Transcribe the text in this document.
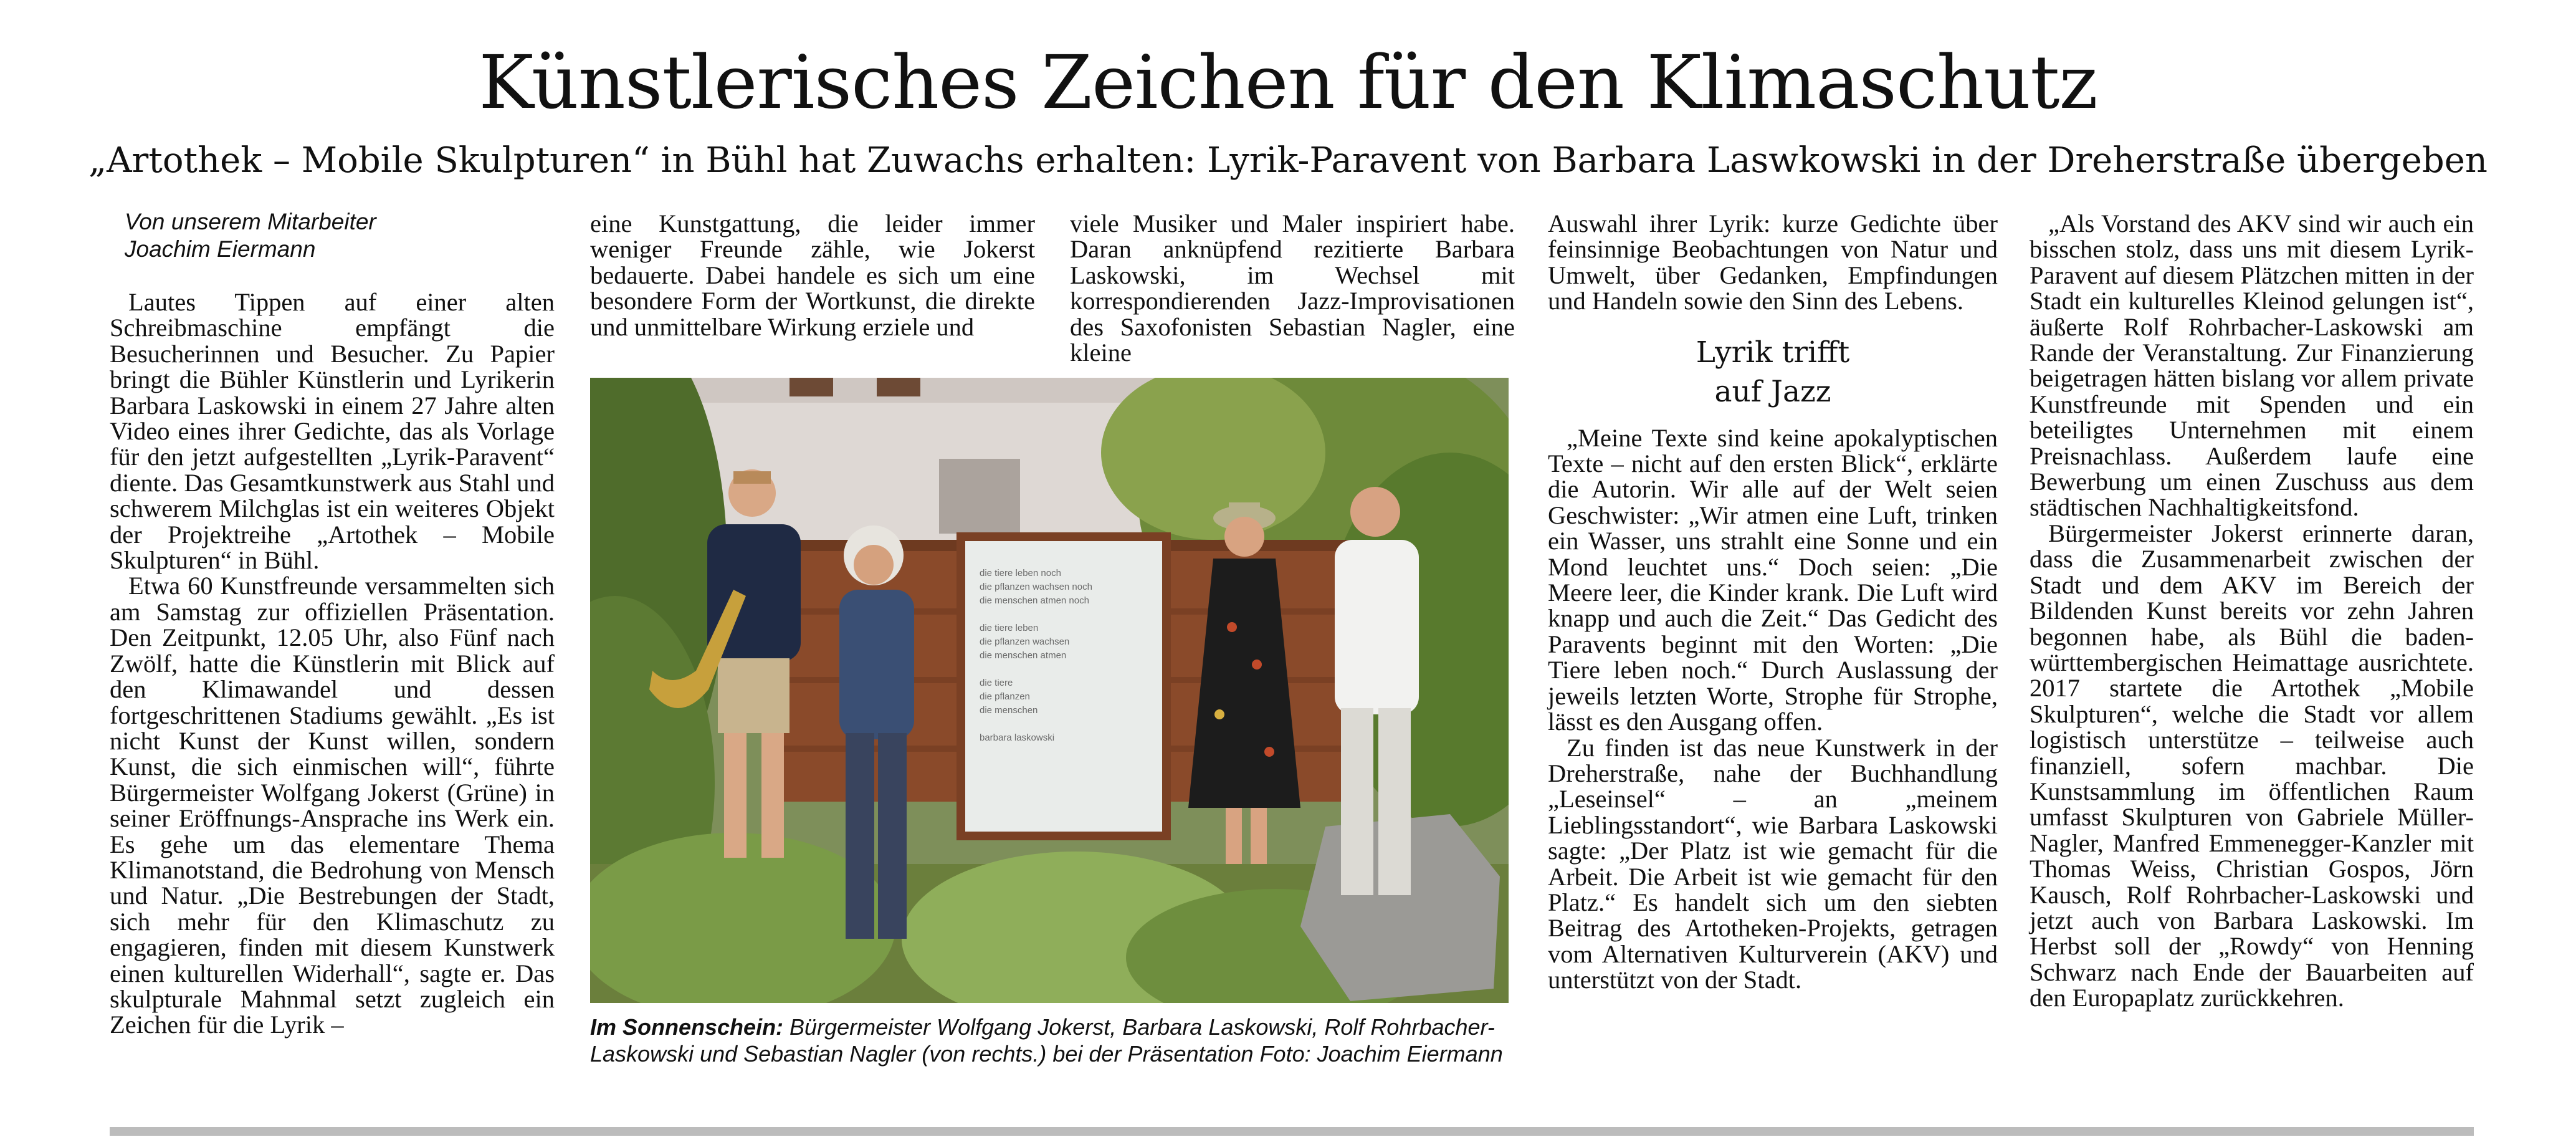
Künstlerisches Zeichen für den Klimaschutz
„Artothek – Mobile Skulpturen“ in Bühl hat Zuwachs erhalten: Lyrik-Paravent von Barbara Laswkowski in der Dreherstraße übergeben

Von unserem Mitarbeiter
Joachim Eiermann

Lautes Tippen auf einer alten Schreibmaschine empfängt die Besucherinnen und Besucher. Zu Papier bringt die Bühler Künstlerin und Lyrikerin Barbara Laskowski in einem 27 Jahre alten Video eines ihrer Gedichte, das als Vorlage für den jetzt aufgestellten „Lyrik-Paravent“ diente. Das Gesamtkunstwerk aus Stahl und schwerem Milchglas ist ein weiteres Objekt der Projektreihe „Artothek – Mobile Skulpturen“ in Bühl.

Etwa 60 Kunstfreunde versammelten sich am Samstag zur offiziellen Präsentation. Den Zeitpunkt, 12.05 Uhr, also Fünf nach Zwölf, hatte die Künstlerin mit Blick auf den Klimawandel und dessen fortgeschrittenen Stadiums gewählt. „Es ist nicht Kunst der Kunst willen, sondern Kunst, die sich einmischen will“, führte Bürgermeister Wolfgang Jokerst (Grüne) in seiner Eröffnungs-Ansprache ins Werk ein. Es gehe um das elementare Thema Klimanotstand, die Bedrohung von Mensch und Natur. „Die Bestrebungen der Stadt, sich mehr für den Klimaschutz zu engagieren, finden mit diesem Kunstwerk einen kulturellen Widerhall“, sagte er. Das skulpturale Mahnmal setzt zugleich ein Zeichen für die Lyrik –

eine Kunstgattung, die leider immer weniger Freunde zähle, wie Jokerst bedauerte. Dabei handele es sich um eine besondere Form der Wortkunst, die direkte und unmittelbare Wirkung erziele und

viele Musiker und Maler inspiriert habe. Daran anknüpfend rezitierte Barbara Laskowski, im Wechsel mit korrespondierenden Jazz-Improvisationen des Saxofonisten Sebastian Nagler, eine kleine

die tiere leben noch
die pflanzen wachsen noch
die menschen atmen noch
die tiere leben
die pflanzen wachsen
die menschen atmen
die tiere
die pflanzen
die menschen
barbara laskowski
Im Sonnenschein: Bürgermeister Wolfgang Jokerst, Barbara Laskowski, Rolf Rohrbacher-Laskowski und Sebastian Nagler (von rechts.) bei der Präsentation Foto: Joachim Eiermann

Auswahl ihrer Lyrik: kurze Gedichte über feinsinnige Beobachtungen von Natur und Umwelt, über Gedanken, Empfindungen und Handeln sowie den Sinn des Lebens.

Lyrik trifft
auf Jazz

„Meine Texte sind keine apokalyptischen Texte – nicht auf den ersten Blick“, erklärte die Autorin. Wir alle auf der Welt seien Geschwister: „Wir atmen eine Luft, trinken ein Wasser, uns strahlt eine Sonne und ein Mond leuchtet uns.“ Doch seien: „Die Meere leer, die Kinder krank. Die Luft wird knapp und auch die Zeit.“ Das Gedicht des Paravents beginnt mit den Worten: „Die Tiere leben noch.“ Durch Auslassung der jeweils letzten Worte, Strophe für Strophe, lässt es den Ausgang offen.

Zu finden ist das neue Kunstwerk in der Dreherstraße, nahe der Buchhandlung „Leseinsel“ – an „meinem Lieblingsstandort“, wie Barbara Laskowski sagte: „Der Platz ist wie gemacht für die Arbeit. Die Arbeit ist wie gemacht für den Platz.“ Es handelt sich um den siebten Beitrag des Artotheken-Projekts, getragen vom Alternativen Kulturverein (AKV) und unterstützt von der Stadt.

„Als Vorstand des AKV sind wir auch ein bisschen stolz, dass uns mit diesem Lyrik-Paravent auf diesem Plätzchen mitten in der Stadt ein kulturelles Kleinod gelungen ist“, äußerte Rolf Rohrbacher-Laskowski am Rande der Veranstaltung. Zur Finanzierung beigetragen hätten bislang vor allem private Kunstfreunde mit Spenden und ein beteiligtes Unternehmen mit einem Preisnachlass. Außerdem laufe eine Bewerbung um einen Zuschuss aus dem städtischen Nachhaltigkeitsfond.

Bürgermeister Jokerst erinnerte daran, dass die Zusammenarbeit zwischen der Stadt und dem AKV im Bereich der Bildenden Kunst bereits vor zehn Jahren begonnen habe, als Bühl die baden-württembergischen Heimattage ausrichtete. 2017 startete die Artothek „Mobile Skulpturen“, welche die Stadt vor allem logistisch unterstütze – teilweise auch finanziell, sofern machbar. Die Kunstsammlung im öffentlichen Raum umfasst Skulpturen von Gabriele Müller-Nagler, Manfred Emmenegger-Kanzler mit Thomas Weiss, Christian Gospos, Jörn Kausch, Rolf Rohrbacher-Laskowski und jetzt auch von Barbara Laskowski. Im Herbst soll der „Rowdy“ von Henning Schwarz nach Ende der Bauarbeiten auf den Europaplatz zurückkehren.
